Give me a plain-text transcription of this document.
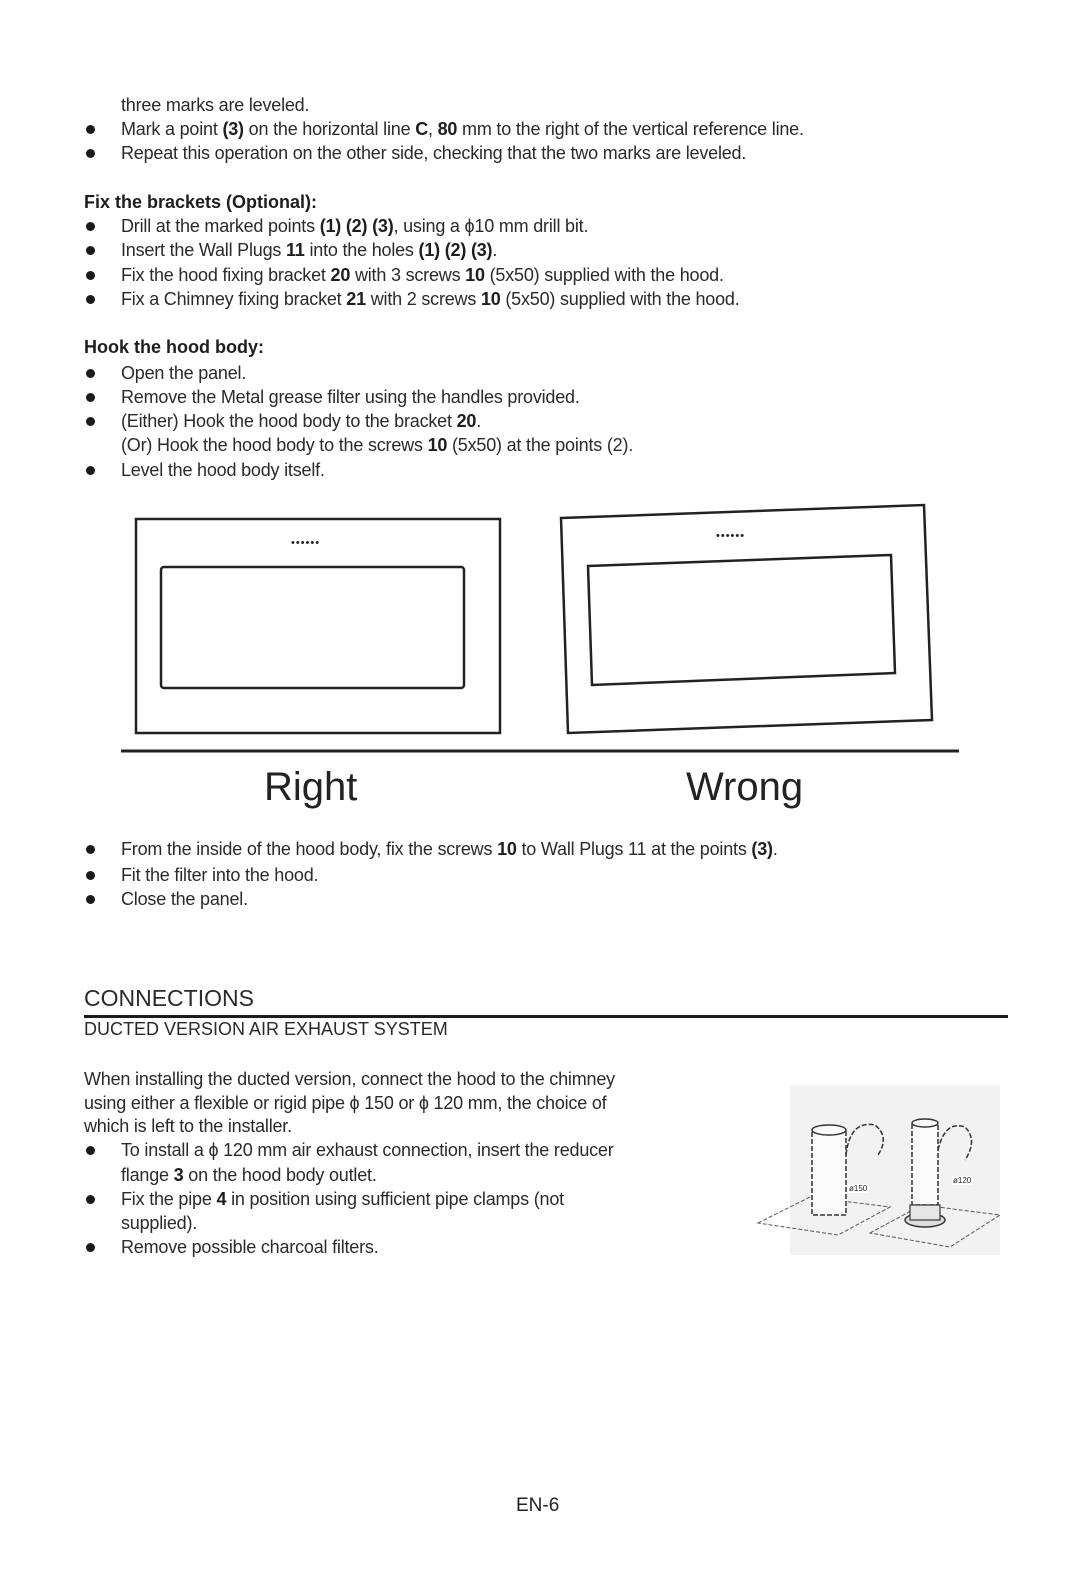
three marks are leveled.
Mark a point (3) on the horizontal line C, 80 mm to the right of the vertical reference line.
Repeat this operation on the other side, checking that the two marks are leveled.
Fix the brackets (Optional):
Drill at the marked points (1) (2) (3), using a ϕ10 mm drill bit.
Insert the Wall Plugs 11 into the holes (1) (2) (3).
Fix the hood fixing bracket 20 with 3 screws 10 (5x50) supplied with the hood.
Fix a Chimney fixing bracket 21 with 2 screws 10 (5x50) supplied with the hood.
Hook the hood body:
Open the panel.
Remove the Metal grease filter using the handles provided.
(Either) Hook the hood body to the bracket 20.
(Or) Hook the hood body to the screws 10 (5x50) at the points (2).
Level the hood body itself.
••••••
••••••
Right	Wrong
From the inside of the hood body, fix the screws 10 to Wall Plugs 11 at the points (3).
Fit the filter into the hood.
Close the panel.
CONNECTIONS
DUCTED VERSION AIR EXHAUST SYSTEM
When installing the ducted version, connect the hood to the chimney
using either a flexible or rigid pipe ϕ 150 or ϕ 120 mm, the choice of
which is left to the installer.
To install a ϕ 120 mm air exhaust connection, insert the reducer
flange 3 on the hood body outlet.
Fix the pipe 4 in position using sufficient pipe clamps (not
supplied).
Remove possible charcoal filters.
ø150
ø120
EN-6
